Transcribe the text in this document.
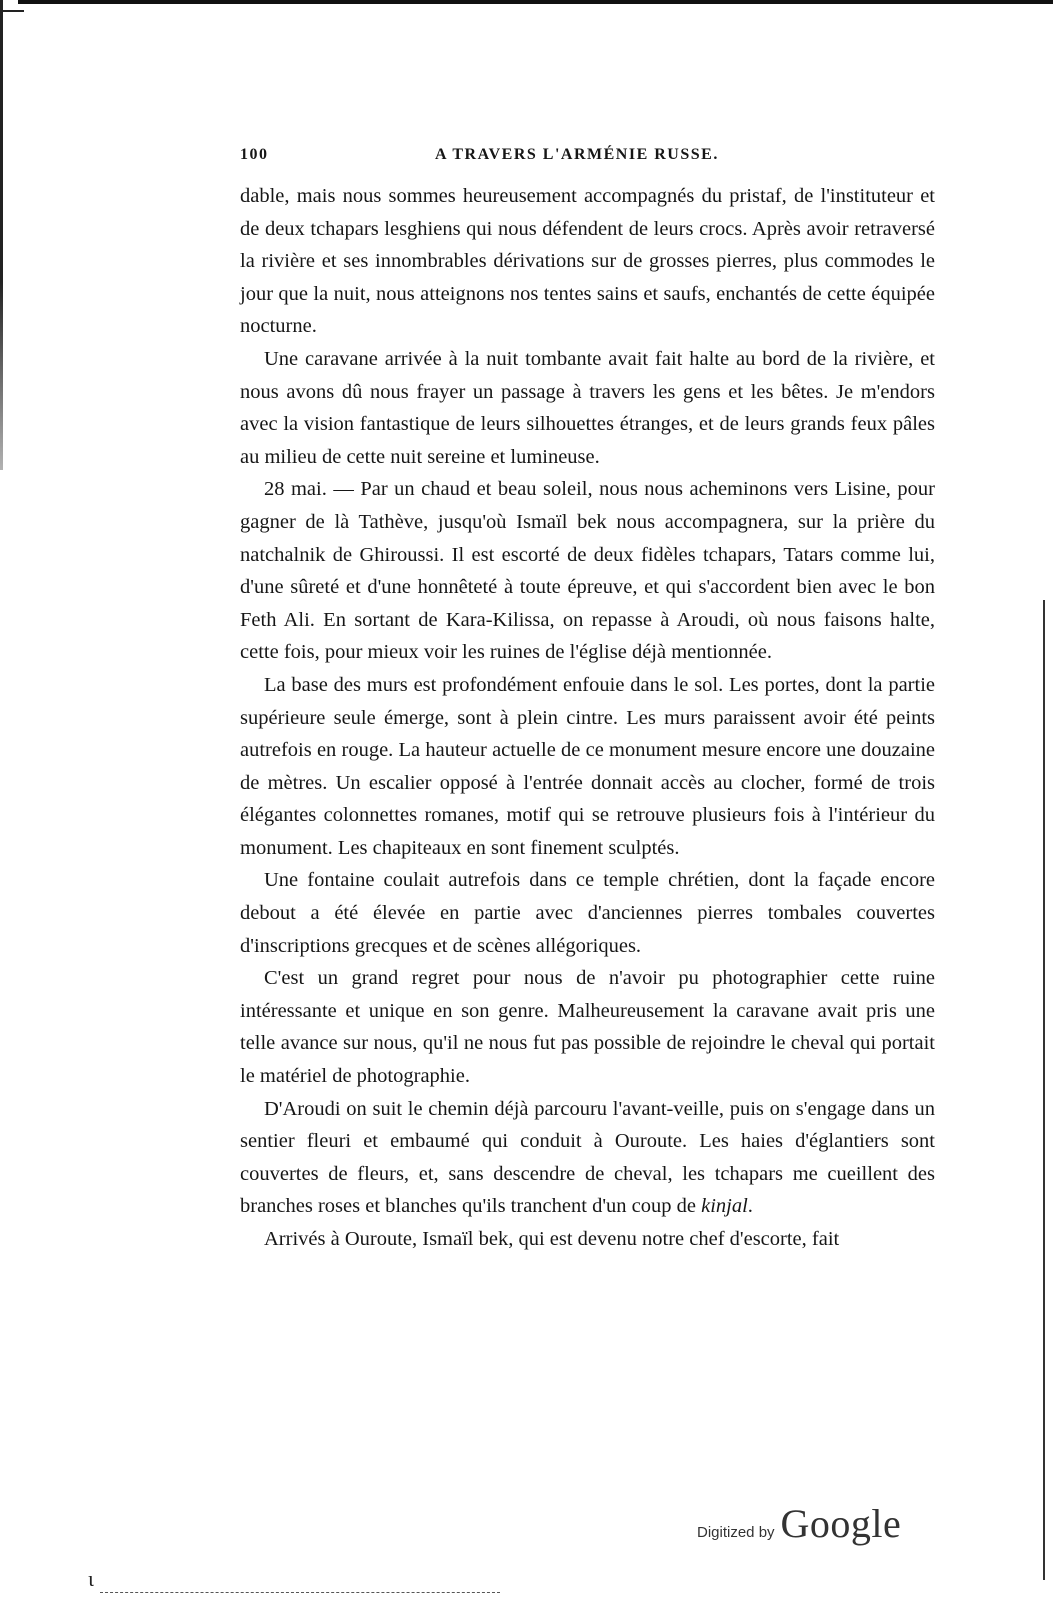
ι
100	A TRAVERS L'ARMÉNIE RUSSE.

dable, mais nous sommes heureusement accompagnés du pristaf, de l'instituteur et de deux tchapars lesghiens qui nous défendent de leurs crocs. Après avoir retraversé la rivière et ses innombrables dérivations sur de grosses pierres, plus commodes le jour que la nuit, nous atteignons nos tentes sains et saufs, enchantés de cette équipée nocturne.

Une caravane arrivée à la nuit tombante avait fait halte au bord de la rivière, et nous avons dû nous frayer un passage à travers les gens et les bêtes. Je m'endors avec la vision fantastique de leurs silhouettes étranges, et de leurs grands feux pâles au milieu de cette nuit sereine et lumineuse.

28 mai. — Par un chaud et beau soleil, nous nous acheminons vers Lisine, pour gagner de là Tathève, jusqu'où Ismaïl bek nous accompagnera, sur la prière du natchalnik de Ghiroussi. Il est escorté de deux fidèles tchapars, Tatars comme lui, d'une sûreté et d'une honnêteté à toute épreuve, et qui s'accordent bien avec le bon Feth Ali. En sortant de Kara-Kilissa, on repasse à Aroudi, où nous faisons halte, cette fois, pour mieux voir les ruines de l'église déjà mentionnée.

La base des murs est profondément enfouie dans le sol. Les portes, dont la partie supérieure seule émerge, sont à plein cintre. Les murs paraissent avoir été peints autrefois en rouge. La hauteur actuelle de ce monument mesure encore une douzaine de mètres. Un escalier opposé à l'entrée donnait accès au clocher, formé de trois élégantes colonnettes romanes, motif qui se retrouve plusieurs fois à l'intérieur du monument. Les chapiteaux en sont finement sculptés.

Une fontaine coulait autrefois dans ce temple chrétien, dont la façade encore debout a été élevée en partie avec d'anciennes pierres tombales couvertes d'inscriptions grecques et de scènes allégoriques.

C'est un grand regret pour nous de n'avoir pu photographier cette ruine intéressante et unique en son genre. Malheureusement la caravane avait pris une telle avance sur nous, qu'il ne nous fut pas possible de rejoindre le cheval qui portait le matériel de photographie.

D'Aroudi on suit le chemin déjà parcouru l'avant-veille, puis on s'engage dans un sentier fleuri et embaumé qui conduit à Ouroute. Les haies d'églantiers sont couvertes de fleurs, et, sans descendre de cheval, les tchapars me cueillent des branches roses et blanches qu'ils tranchent d'un coup de kinjal.

Arrivés à Ouroute, Ismaïl bek, qui est devenu notre chef d'escorte, fait

Digitized by Google
